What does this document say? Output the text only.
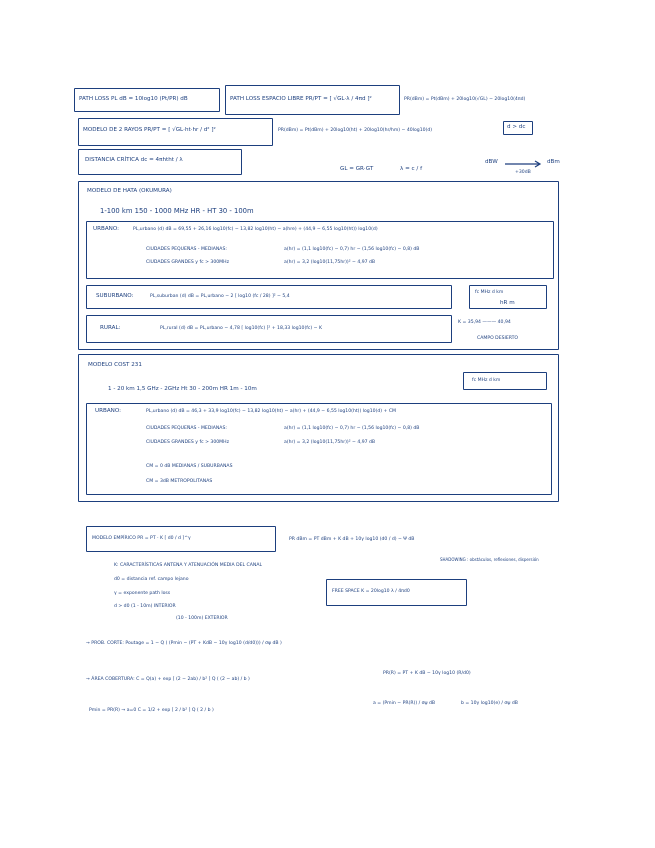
PATH LOSS PL dB = 10log10 (Pt/PR) dB	PATH LOSS ESPACIO LIBRE PR/PT = [ √GL·λ / 4πd ]²	PR(dBm) = Pt(dBm) + 20log10(√GL) − 20log10(4πd)
MODELO DE 2 RAYOS PR/PT = [ √GL·ht·hr / d² ]²	PR(dBm) = Pt(dBm) + 20log10(ht) + 20log10(hr/hm) − 40log10(d)
d > dc
DISTANCIA CRÍTICA dc = 4πhtht / λ
GL = GR·GT	λ = c / f
dBW	dBm
+30dB
MODELO DE HATA (OKUMURA)
1-100 km 150 - 1000 MHz HR - HT 30 - 100m
URBANO:	PL,urbano (d) dB = 69,55 + 26,16 log10(fc) − 13,82 log10(ht) − a(hre) + (44,9 − 6,55 log10(ht)) log10(d)
CIUDADES PEQUEÑAS - MEDIANAS:	a(hr) = (1,1 log10(fc) − 0,7) hr − (1,56 log10(fc) − 0,8) dB
CIUDADES GRANDES y fc > 300MHz	a(hr) = 3,2 (log10(11,75hr))² − 4,97 dB
SUBURBANO:	PL,suburban (d) dB = PL,urbano − 2 [ log10 (fc / 28) ]² − 5,4
fc MHz d km
hR m
RURAL:	PL,rural (d) dB = PL,urbano − 4,78 [ log10(fc) ]² + 18,33 log10(fc) − K
K = 35,94 ——— 40,94
CAMPO DESIERTO
MODELO COST 231
1 - 20 km 1,5 GHz - 2GHz Ht 30 - 200m HR 1m - 10m
fc MHz d km
URBANO:	PL,urbano (d) dB = 46,3 + 33,9 log10(fc) − 13,82 log10(ht) − a(hr) + (44,9 − 6,55 log10(ht)) log10(d) + CM
CIUDADES PEQUEÑAS - MEDIANAS:	a(hr) = (1,1 log10(fc) − 0,7) hr − (1,56 log10(fc) − 0,8) dB
CIUDADES GRANDES y fc > 300MHz	a(hr) = 3,2 (log10(11,75hr))² − 4,97 dB
CM = 0 dB MEDIANAS / SUBURBANAS
CM = 3dB METROPOLITANAS
MODELO EMPÍRICO PR = PT · K [ d0 / d ]^γ	PR dBm = PT dBm + K dB + 10γ log10 (d0 / d) − Ψ dB
SHADOWING : obstáculos, reflexiones, dispersión
K: CARACTERÍSTICAS ANTENA Y ATENUACIÓN MEDIA DEL CANAL
d0 = distancia ref. campo lejano
γ = exponente path loss
d > d0 (1 - 10m) INTERIOR
(10 - 100m) EXTERIOR
FREE SPACE K = 20log10 λ / 4πd0
→ PROB. CORTE: Poutage = 1 − Q ( (Pmin − (PT + KdB − 10γ log10 (d/d0))) / σψ dB )
→ ÁREA COBERTURA: C = Q(a) + exp [ (2 − 2ab) / b² ] Q ( (2 − ab) / b )
PR(R) = PT + K dB − 10γ log10 (R/d0)
Pmin = PR(R) → a=0 C = 1/2 + exp [ 2 / b² ] Q ( 2 / b )
a = (Pmin − PR(R)) / σψ dB	b = 10γ log10(e) / σψ dB
